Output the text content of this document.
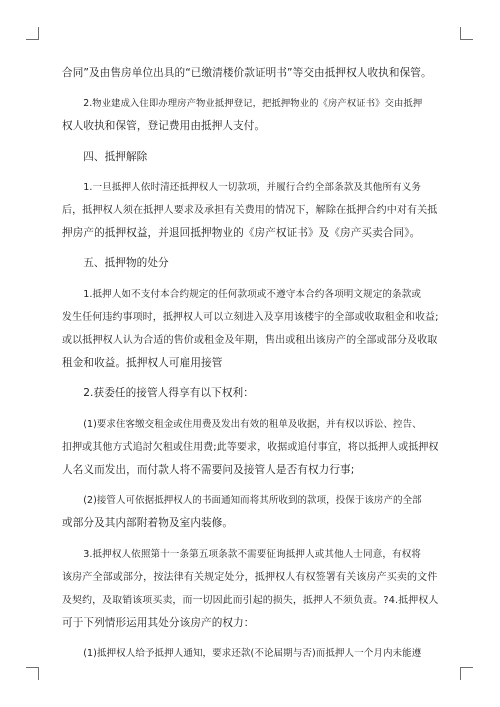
合同”及由售房单位出具的“已缴清楼价款证明书”等交由抵押权人收执和保管。
2.物业建成入住即办理房产物业抵押登记，把抵押物业的《房产权证书》交由抵押
权人收执和保管，登记费用由抵押人支付。
四、抵押解除
1.一旦抵押人依时清还抵押权人一切款项，并履行合约全部条款及其他所有义务
后，抵押权人须在抵押人要求及承担有关费用的情况下，解除在抵押合约中对有关抵
押房产的抵押权益，并退回抵押物业的《房产权证书》及《房产买卖合同》。
五、抵押物的处分
1.抵押人如不支付本合约规定的任何款项或不遵守本合约各项明文规定的条款或
发生任何违约事项时，抵押权人可以立刻进入及享用该楼宇的全部或收取租金和收益;
或以抵押权人认为合适的售价或租金及年期，售出或租出该房产的全部或部分及收取
租金和收益。抵押权人可雇用接管
2.获委任的接管人得享有以下权利：
(1)要求住客缴交租金或住用费及发出有效的租单及收据，并有权以诉讼、控告、
扣押或其他方式追討欠租或住用费;此等要求，收据或追付事宜，将以抵押人或抵押权
人名义而发出，而付款人将不需要问及接管人是否有权力行事;
(2)接管人可依据抵押权人的书面通知而将其所收到的款项，投保于该房产的全部
或部分及其内部附着物及室内装修。
3.抵押权人依照第十一条第五项条款不需要征询抵押人或其他人士同意，有权将
该房产全部或部分，按法律有关规定处分，抵押权人有权签署有关该房产买卖的文件
及契约，及取销该项买卖，而一切因此而引起的损失，抵押人不须负责。?4.抵押权人
可于下列情形运用其处分该房产的权力：
(1)抵押权人给予抵押人通知，要求还款(不论届期与否)而抵押人一个月内未能遵
